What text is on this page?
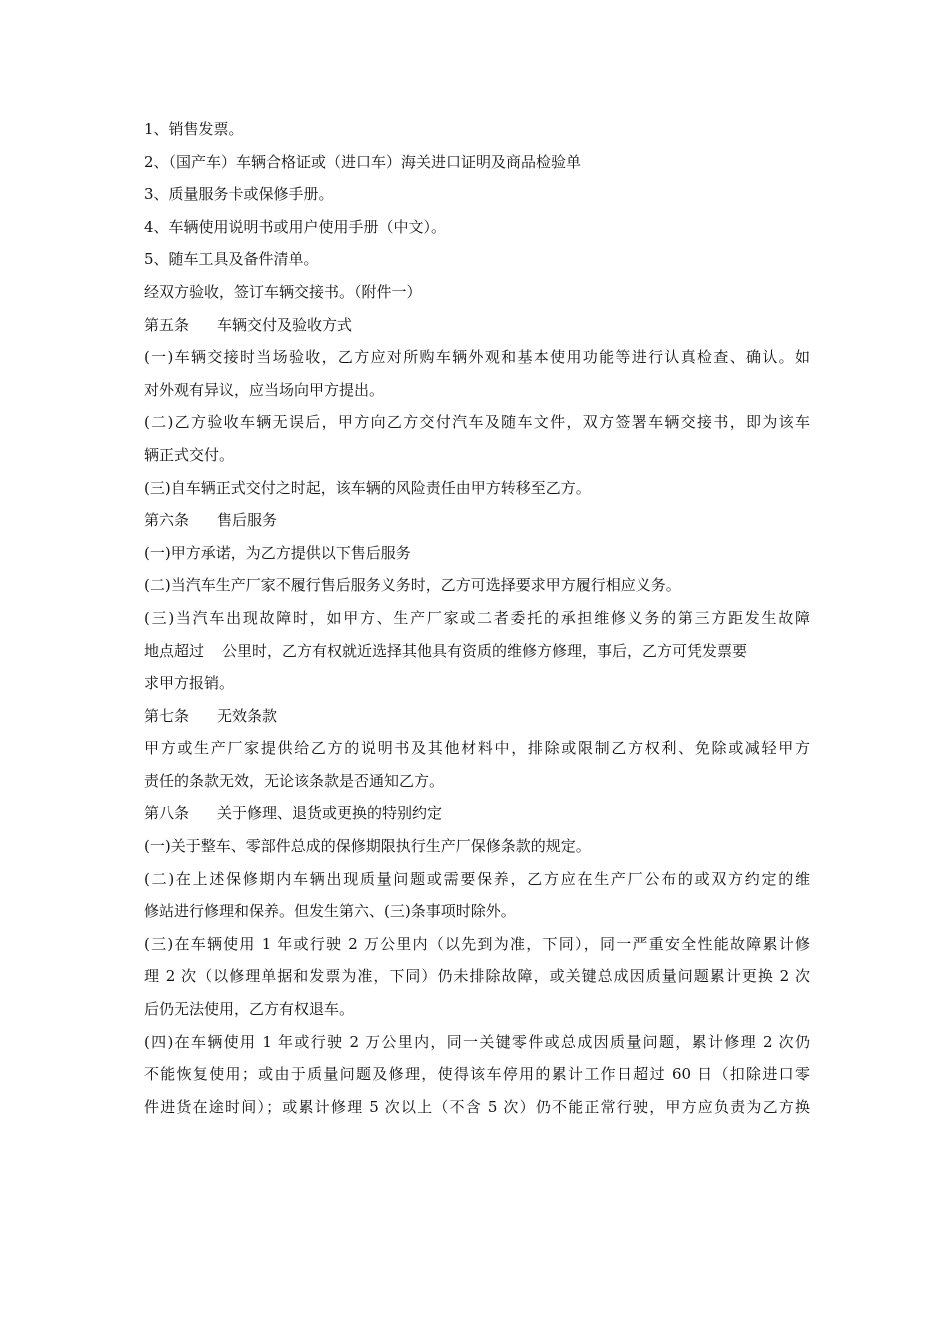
1、销售发票。
2、（国产车）车辆合格证或（进口车）海关进口证明及商品检验单
3、质量服务卡或保修手册。
4、车辆使用说明书或用户使用手册（中文）。
5、随车工具及备件清单。
经双方验收，签订车辆交接书。（附件一）
第五条 车辆交付及验收方式
(一)车辆交接时当场验收，乙方应对所购车辆外观和基本使用功能等进行认真检查、确认。如
对外观有异议，应当场向甲方提出。
(二)乙方验收车辆无误后，甲方向乙方交付汽车及随车文件，双方签署车辆交接书，即为该车
辆正式交付。
(三)自车辆正式交付之时起，该车辆的风险责任由甲方转移至乙方。
第六条 售后服务
(一)甲方承诺，为乙方提供以下售后服务
(二)当汽车生产厂家不履行售后服务义务时，乙方可选择要求甲方履行相应义务。
(三)当汽车出现故障时，如甲方、生产厂家或二者委托的承担维修义务的第三方距发生故障
地点超过 公里时，乙方有权就近选择其他具有资质的维修方修理，事后，乙方可凭发票要
求甲方报销。
第七条 无效条款
甲方或生产厂家提供给乙方的说明书及其他材料中，排除或限制乙方权利、免除或减轻甲方
责任的条款无效，无论该条款是否通知乙方。
第八条 关于修理、退货或更换的特别约定
(一)关于整车、零部件总成的保修期限执行生产厂保修条款的规定。
(二)在上述保修期内车辆出现质量问题或需要保养，乙方应在生产厂公布的或双方约定的维
修站进行修理和保养。但发生第六、(三)条事项时除外。
(三)在车辆使用 1 年或行驶 2 万公里内（以先到为准，下同），同一严重安全性能故障累计修
理 2 次（以修理单据和发票为准，下同）仍未排除故障，或关键总成因质量问题累计更换 2 次
后仍无法使用，乙方有权退车。
(四)在车辆使用 1 年或行驶 2 万公里内，同一关键零件或总成因质量问题，累计修理 2 次仍
不能恢复使用；或由于质量问题及修理，使得该车停用的累计工作日超过 60 日（扣除进口零
件进货在途时间）；或累计修理 5 次以上（不含 5 次）仍不能正常行驶，甲方应负责为乙方换
